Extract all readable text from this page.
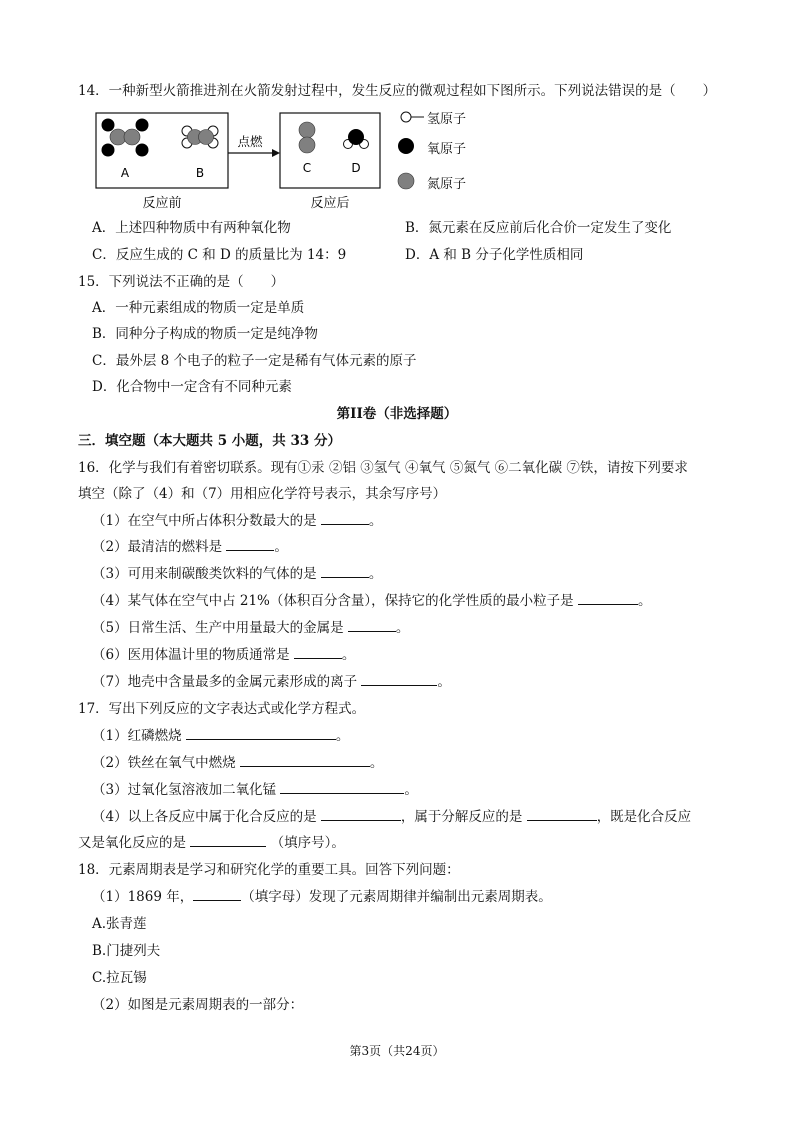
14．一种新型火箭推进剂在火箭发射过程中，发生反应的微观过程如下图所示。下列说法错误的是（　　）
A	B
点燃
C	D
反应前	反应后
氢原子
氧原子
氮原子
A．上述四种物质中有两种氧化物	B．氮元素在反应前后化合价一定发生了变化
C．反应生成的 C 和 D 的质量比为 14：9	D．A 和 B 分子化学性质相同
15．下列说法不正确的是（　　）
A．一种元素组成的物质一定是单质
B．同种分子构成的物质一定是纯净物
C．最外层 8 个电子的粒子一定是稀有气体元素的原子
D．化合物中一定含有不同种元素
第II卷（非选择题）
三．填空题（本大题共 5 小题，共 33 分）
16．化学与我们有着密切联系。现有①汞 ②铝 ③氢气 ④氧气 ⑤氮气 ⑥二氧化碳 ⑦铁，请按下列要求
填空（除了（4）和（7）用相应化学符号表示，其余写序号）
（1）在空气中所占体积分数最大的是	。
（2）最清洁的燃料是	。
（3）可用来制碳酸类饮料的气体的是	。
（4）某气体在空气中占 21%（体积百分含量），保持它的化学性质的最小粒子是	。
（5）日常生活、生产中用量最大的金属是	。
（6）医用体温计里的物质通常是	。
（7）地壳中含量最多的金属元素形成的离子	。
17．写出下列反应的文字表达式或化学方程式。
（1）红磷燃烧	。
（2）铁丝在氧气中燃烧	。
（3）过氧化氢溶液加二氧化锰	。
（4）以上各反应中属于化合反应的是	，属于分解反应的是	，既是化合反应
又是氧化反应的是	（填序号）。
18．元素周期表是学习和研究化学的重要工具。回答下列问题：
（1）1869 年，	（填字母）发现了元素周期律并编制出元素周期表。
A.张青莲
B.门捷列夫
C.拉瓦锡
（2）如图是元素周期表的一部分：
第3页（共24页）
